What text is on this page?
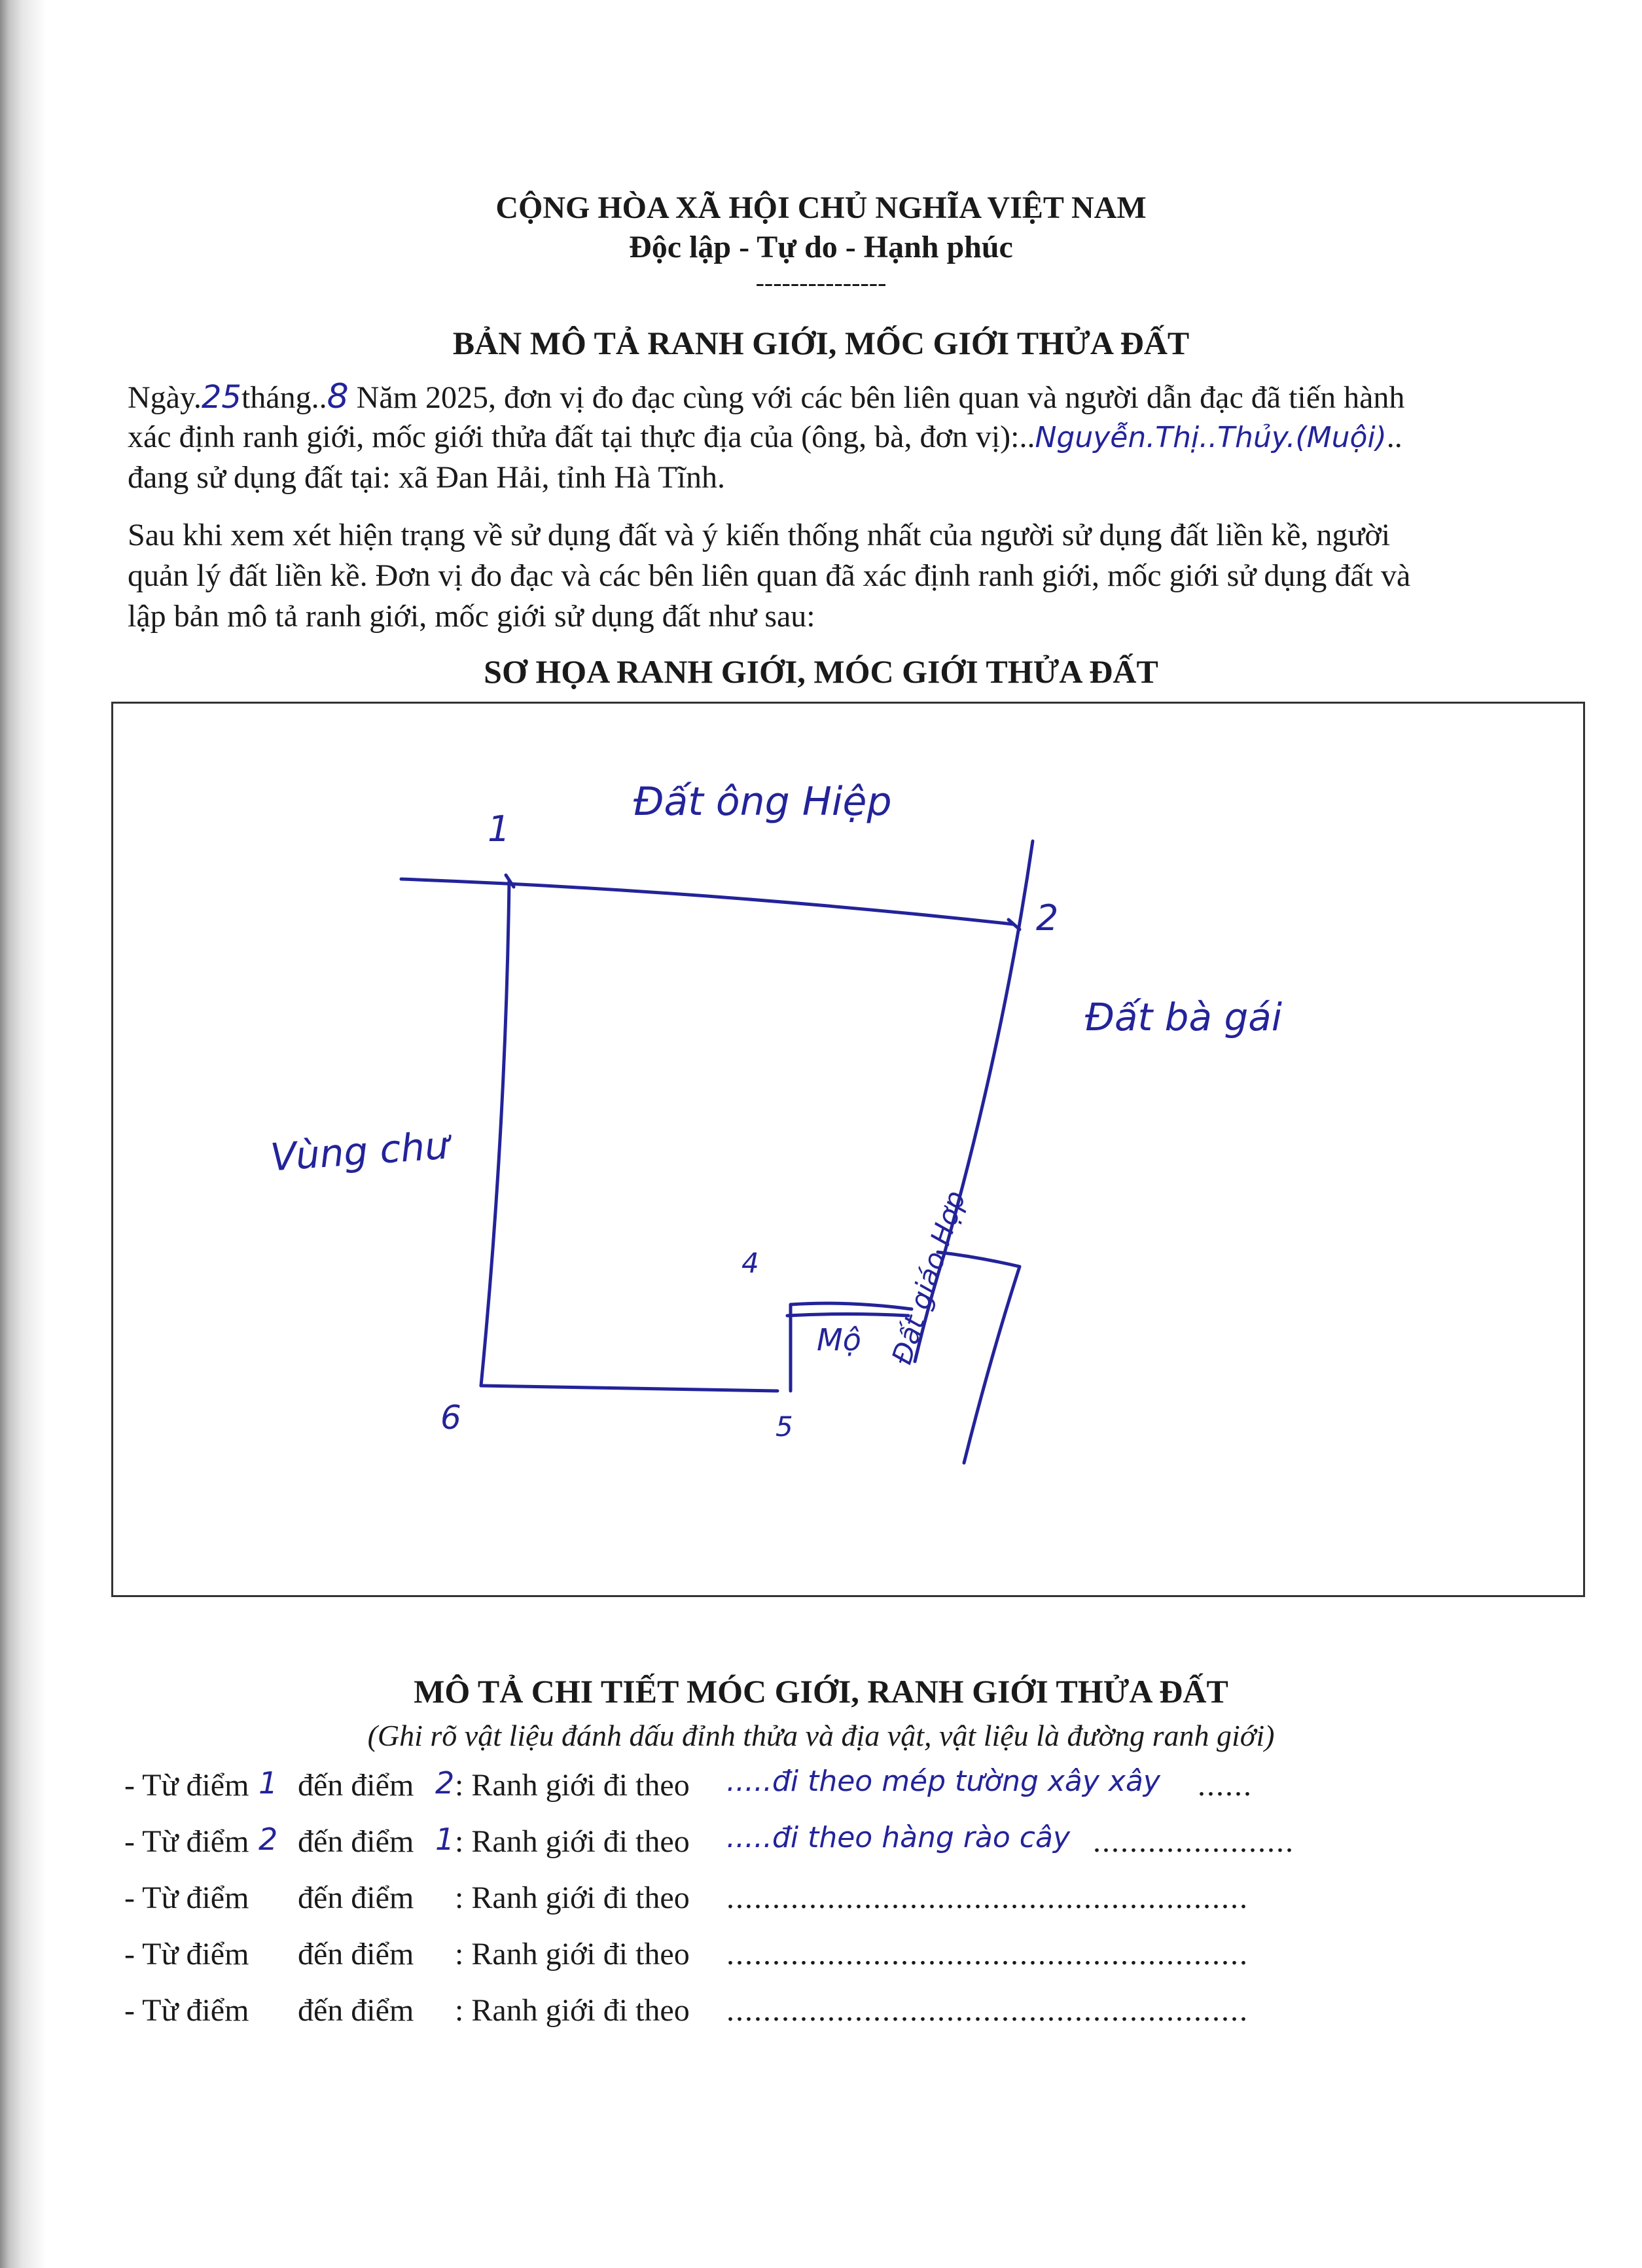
CỘNG HÒA XÃ HỘI CHỦ NGHĨA VIỆT NAM
Độc lập - Tự do - Hạnh phúc
---------------
BẢN MÔ TẢ RANH GIỚI, MỐC GIỚI THỬA ĐẤT
Ngày.25tháng..8 Năm 2025, đơn vị đo đạc cùng với các bên liên quan và người dẫn đạc đã tiến hành
xác định ranh giới, mốc giới thửa đất tại thực địa của (ông, bà, đơn vị):..Nguyễn.Thị..Thủy.(Muội)..
đang sử dụng đất tại: xã Đan Hải, tỉnh Hà Tĩnh.
Sau khi xem xét hiện trạng về sử dụng đất và ý kiến thống nhất của người sử dụng đất liền kề, người
quản lý đất liền kề. Đơn vị đo đạc và các bên liên quan đã xác định ranh giới, mốc giới sử dụng đất và
lập bản mô tả ranh giới, mốc giới sử dụng đất như sau:
SƠ HỌA RANH GIỚI, MÓC GIỚI THỬA ĐẤT
1
2
4
5
6
Đất ông Hiệp
Đất bà gái
Vùng chư
Mộ Đất giáo Hợp
MÔ TẢ CHI TIẾT MÓC GIỚI, RANH GIỚI THỬA ĐẤT
(Ghi rõ vật liệu đánh dấu đỉnh thửa và địa vật, vật liệu là đường ranh giới)
- Từ điểm 1 đến điểm 2 : Ranh giới đi theo .....đi theo mép tường xây xây ......
- Từ điểm 2 đến điểm 1 : Ranh giới đi theo .....đi theo hàng rào cây ......................
- Từ điểm đến điểm : Ranh giới đi theo .........................................................
- Từ điểm đến điểm : Ranh giới đi theo .........................................................
- Từ điểm đến điểm : Ranh giới đi theo .........................................................
